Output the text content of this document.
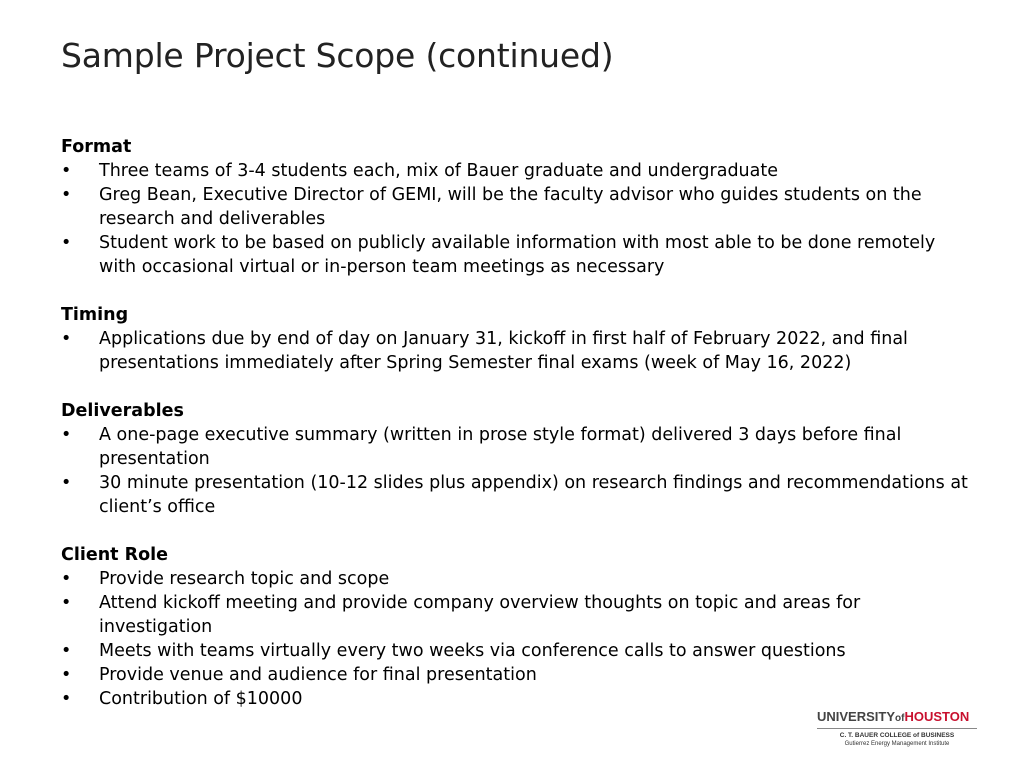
Sample Project Scope (continued)
Format
• Three teams of 3-4 students each, mix of Bauer graduate and undergraduate
• Greg Bean, Executive Director of GEMI, will be the faculty advisor who guides students on the research and deliverables
• Student work to be based on publicly available information with most able to be done remotely with occasional virtual or in-person team meetings as necessary
Timing
• Applications due by end of day on January 31, kickoff in first half of February 2022, and final presentations immediately after Spring Semester final exams (week of May 16, 2022)
Deliverables
• A one-page executive summary (written in prose style format) delivered 3 days before final presentation
• 30 minute presentation (10-12 slides plus appendix) on research findings and recommendations at client’s office
Client Role
• Provide research topic and scope
• Attend kickoff meeting and provide company overview thoughts on topic and areas for investigation
• Meets with teams virtually every two weeks via conference calls to answer questions
• Provide venue and audience for final presentation
• Contribution of $10000
UNIVERSITYofHOUSTON
C. T. BAUER COLLEGE of BUSINESS
Gutierrez Energy Management Institute
